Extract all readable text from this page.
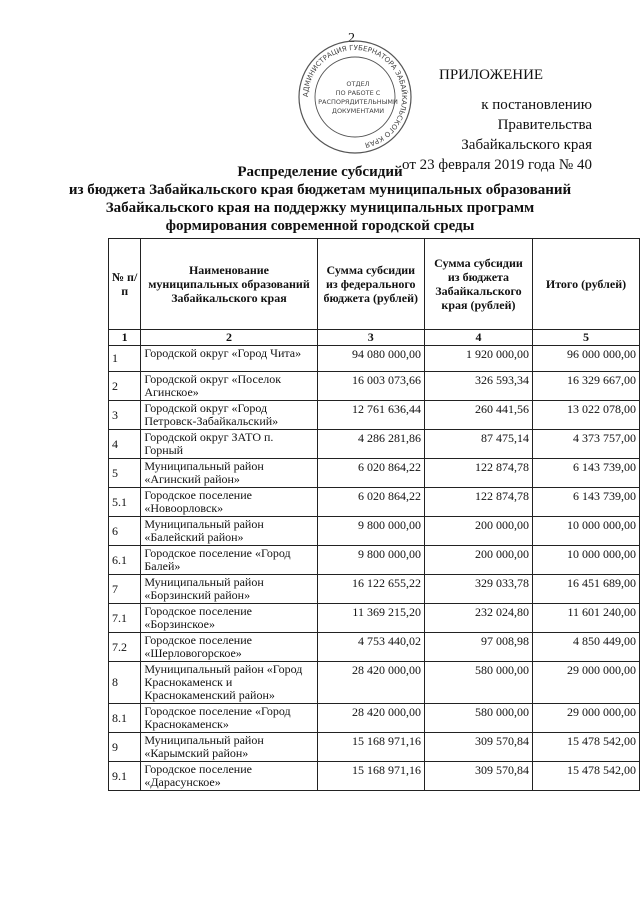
2
АДМИНИСТРАЦИЯ ГУБЕРНАТОРА ЗАБАЙКАЛЬСКОГО КРАЯ
ОТДЕЛ
ПО РАБОТЕ С
РАСПОРЯДИТЕЛЬНЫМИ
ДОКУМЕНТАМИ
ПРИЛОЖЕНИЕ
к постановлению Правительства
Забайкальского края
от 23 февраля 2019 года № 40
Распределение субсидий
из бюджета Забайкальского края бюджетам муниципальных образований
Забайкальского края на поддержку муниципальных программ
формирования современной городской среды
№ п/п	Наименование муниципальных образований Забайкальского края	Сумма субсидии из федерального бюджета (рублей)	Сумма субсидии из бюджета Забайкальского края (рублей)	Итого (рублей)
1	2	3	4	5
1	Городской округ «Город Чита»	94 080 000,00	1 920 000,00	96 000 000,00
2	Городской округ «Поселок Агинское»	16 003 073,66	326 593,34	16 329 667,00
3	Городской округ «Город Петровск-Забайкальский»	12 761 636,44	260 441,56	13 022 078,00
4	Городской округ ЗАТО п. Горный	4 286 281,86	87 475,14	4 373 757,00
5	Муниципальный район «Агинский район»	6 020 864,22	122 874,78	6 143 739,00
5.1	Городское поселение «Новоорловск»	6 020 864,22	122 874,78	6 143 739,00
6	Муниципальный район «Балейский район»	9 800 000,00	200 000,00	10 000 000,00
6.1	Городское поселение «Город Балей»	9 800 000,00	200 000,00	10 000 000,00
7	Муниципальный район «Борзинский район»	16 122 655,22	329 033,78	16 451 689,00
7.1	Городское поселение «Борзинское»	11 369 215,20	232 024,80	11 601 240,00
7.2	Городское поселение «Шерловогорское»	4 753 440,02	97 008,98	4 850 449,00
8	Муниципальный район «Город Краснокаменск и Краснокаменский район»	28 420 000,00	580 000,00	29 000 000,00
8.1	Городское поселение «Город Краснокаменск»	28 420 000,00	580 000,00	29 000 000,00
9	Муниципальный район «Карымский район»	15 168 971,16	309 570,84	15 478 542,00
9.1	Городское поселение «Дарасунское»	15 168 971,16	309 570,84	15 478 542,00
